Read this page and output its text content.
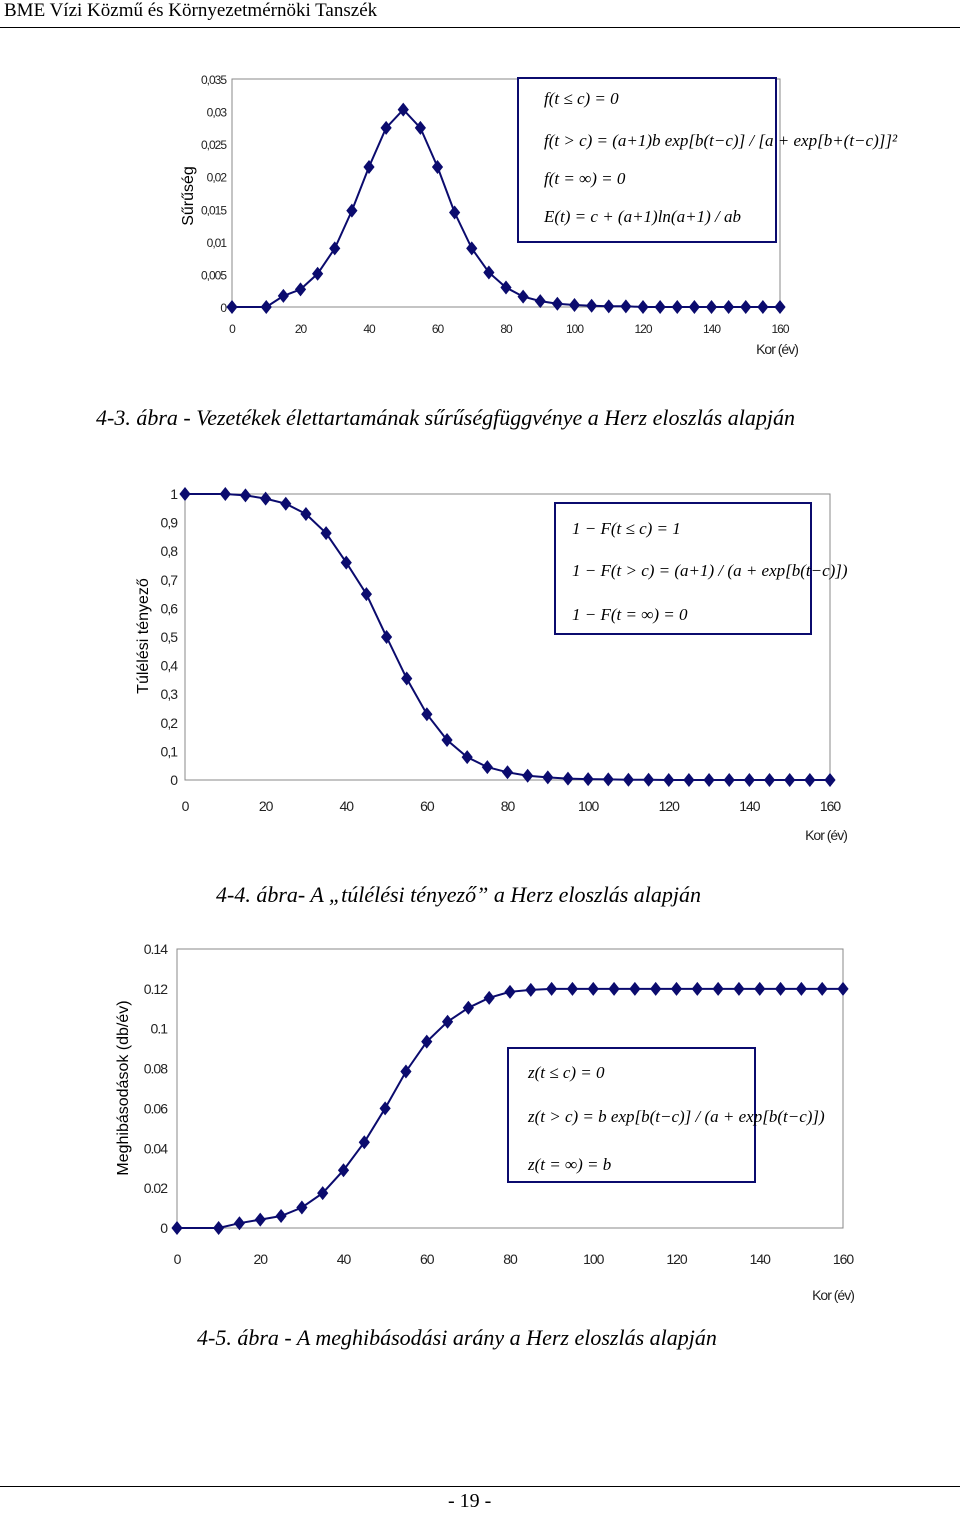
BME Vízi Közmű és Környezetmérnöki Tanszék
0
0,005
0,01
0,015
0,02
0,025
0,03
0,035
0	20	40	60	80	100	120	140	160
Sűrűség
Kor (év)
f(t ≤ c) = 0
f(t > c) = (a+1)b exp[b(t−c)] / [a + exp[b+(t−c)]]²
f(t = ∞) = 0
E(t) = c + (a+1)ln(a+1) / ab
4-3. ábra - Vezetékek élettartamának sűrűségfüggvénye a Herz eloszlás alapján
0
0,1
0,2
0,3
0,4
0,5
0,6
0,7
0,8
0,9
1
0	20	40	60	80	100	120	140	160
Túlélési tényező
Kor (év)
1 − F(t ≤ c) = 1
1 − F(t > c) = (a+1) / (a + exp[b(t−c)])
1 − F(t = ∞) = 0
4-4. ábra- A „túlélési tényező” a Herz eloszlás alapján
0
0.02
0.04
0.06
0.08
0.1
0.12
0.14
0	20	40	60	80	100	120	140	160
Meghibásodások (db/év)
Kor (év)
z(t ≤ c) = 0
z(t > c) = b exp[b(t−c)] / (a + exp[b(t−c)])
z(t = ∞) = b
4-5. ábra - A meghibásodási arány a Herz eloszlás alapján
- 19 -
